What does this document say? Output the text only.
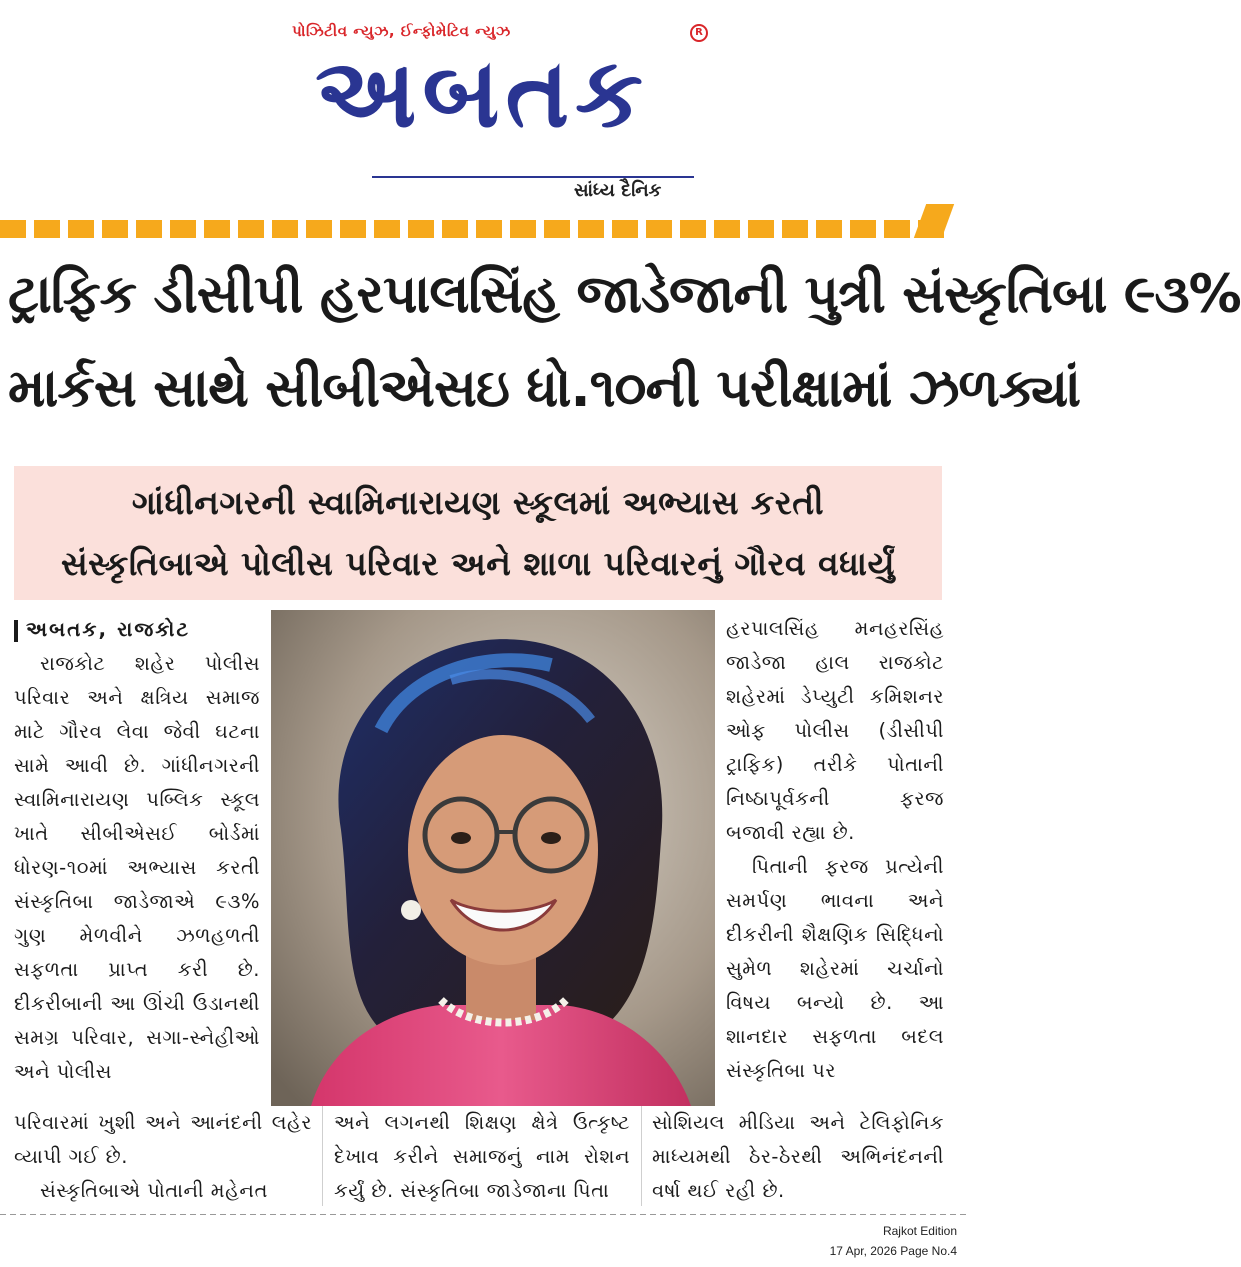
પોઝિટીવ ન્યુઝ, ઈન્ફોમેટિવ ન્યુઝ
અબતક
R
સાંધ્ય દૈનિક
ટ્રાફિક ડીસીપી હરપાલસિંહ જાડેજાની પુત્રી સંસ્કૃતિબા ૯૩%
માર્કસ સાથે સીબીએસઇ ધો.૧૦ની પરીક્ષામાં ઝળક્યાં
ગાંધીનગરની સ્વામિનારાયણ સ્કૂલમાં અભ્યાસ કરતી
સંસ્કૃતિબાએ પોલીસ પરિવાર અને શાળા પરિવારનું ગૌરવ વધાર્યું
અબતક, રાજકોટ

રાજકોટ શહેર પોલીસ પરિવાર અને ક્ષત્રિય સમાજ માટે ગૌરવ લેવા જેવી ઘટના સામે આવી છે. ગાંધીનગરની સ્વામિનારાયણ પબ્લિક સ્કૂલ ખાતે સીબીએસઈ બોર્ડમાં ધોરણ-૧૦માં અભ્યાસ કરતી સંસ્કૃતિબા જાડેજાએ ૯૩% ગુણ મેળવીને ઝળહળતી સફળતા પ્રાપ્ત કરી છે. દીકરીબાની આ ઊંચી ઉડાનથી સમગ્ર પરિવાર, સગા-સ્નેહીઓ અને પોલીસ

હરપાલસિંહ મનહરસિંહ જાડેજા હાલ રાજકોટ શહેરમાં ડેપ્યુટી કમિશનર ઓફ પોલીસ (ડીસીપી ટ્રાફિક) તરીકે પોતાની નિષ્ઠાપૂર્વકની ફરજ બજાવી રહ્યા છે.

પિતાની ફરજ પ્રત્યેની સમર્પણ ભાવના અને દીકરીની શૈક્ષણિક સિદ્ધિનો સુમેળ શહેરમાં ચર્ચાનો વિષય બન્યો છે. આ શાનદાર સફળતા બદલ સંસ્કૃતિબા પર

પરિવારમાં ખુશી અને આનંદની લહેર વ્યાપી ગઈ છે.

સંસ્કૃતિબાએ પોતાની મહેનત

અને લગનથી શિક્ષણ ક્ષેત્રે ઉત્કૃષ્ટ દેખાવ કરીને સમાજનું નામ રોશન કર્યું છે. સંસ્કૃતિબા જાડેજાના પિતા

સોશિયલ મીડિયા અને ટેલિફોનિક માધ્યમથી ઠેર-ઠેરથી અભિનંદનની વર્ષા થઈ રહી છે.

Rajkot Edition
17 Apr, 2026 Page No.4
